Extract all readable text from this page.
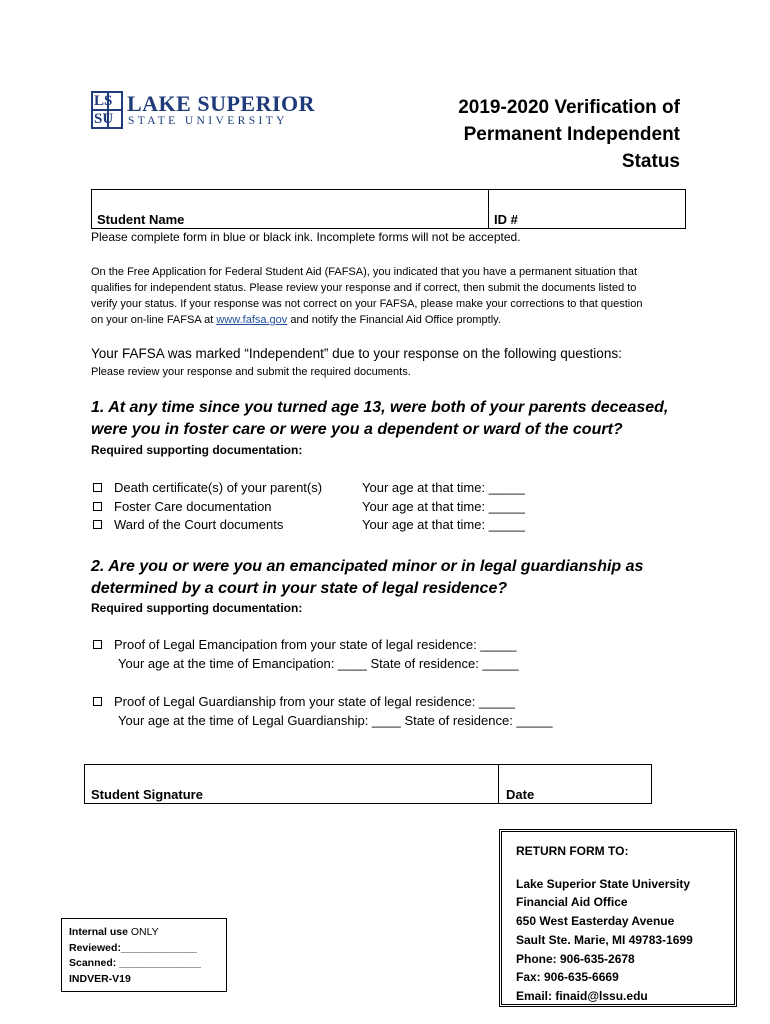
LS
SU
LAKE SUPERIOR
STATE UNIVERSITY
2019-2020 Verification of
Permanent Independent
Status
Student Name	ID #
Please complete form in blue or black ink. Incomplete forms will not be accepted.
On the Free Application for Federal Student Aid (FAFSA), you indicated that you have a permanent situation that
qualifies for independent status. Please review your response and if correct, then submit the documents listed to
verify your status. If your response was not correct on your FAFSA, please make your corrections to that question
on your on-line FAFSA at www.fafsa.gov and notify the Financial Aid Office promptly.
Your FAFSA was marked “Independent” due to your response on the following questions:
Please review your response and submit the required documents.
1. At any time since you turned age 13, were both of your parents deceased,
were you in foster care or were you a dependent or ward of the court?
Required supporting documentation:
Death certificate(s) of your parent(s)	Your age at that time: _____
Foster Care documentation	Your age at that time: _____
Ward of the Court documents	Your age at that time: _____
2. Are you or were you an emancipated minor or in legal guardianship as
determined by a court in your state of legal residence?
Required supporting documentation:
Proof of Legal Emancipation from your state of legal residence: _____
Your age at the time of Emancipation: ____ State of residence: _____
Proof of Legal Guardianship from your state of legal residence: _____
Your age at the time of Legal Guardianship: ____ State of residence: _____
Student Signature	Date
Internal use ONLY
Reviewed:_____________
Scanned: ______________
INDVER-V19
RETURN FORM TO:
Lake Superior State University
Financial Aid Office
650 West Easterday Avenue
Sault Ste. Marie, MI 49783-1699
Phone: 906-635-2678
Fax: 906-635-6669
Email: finaid@lssu.edu
